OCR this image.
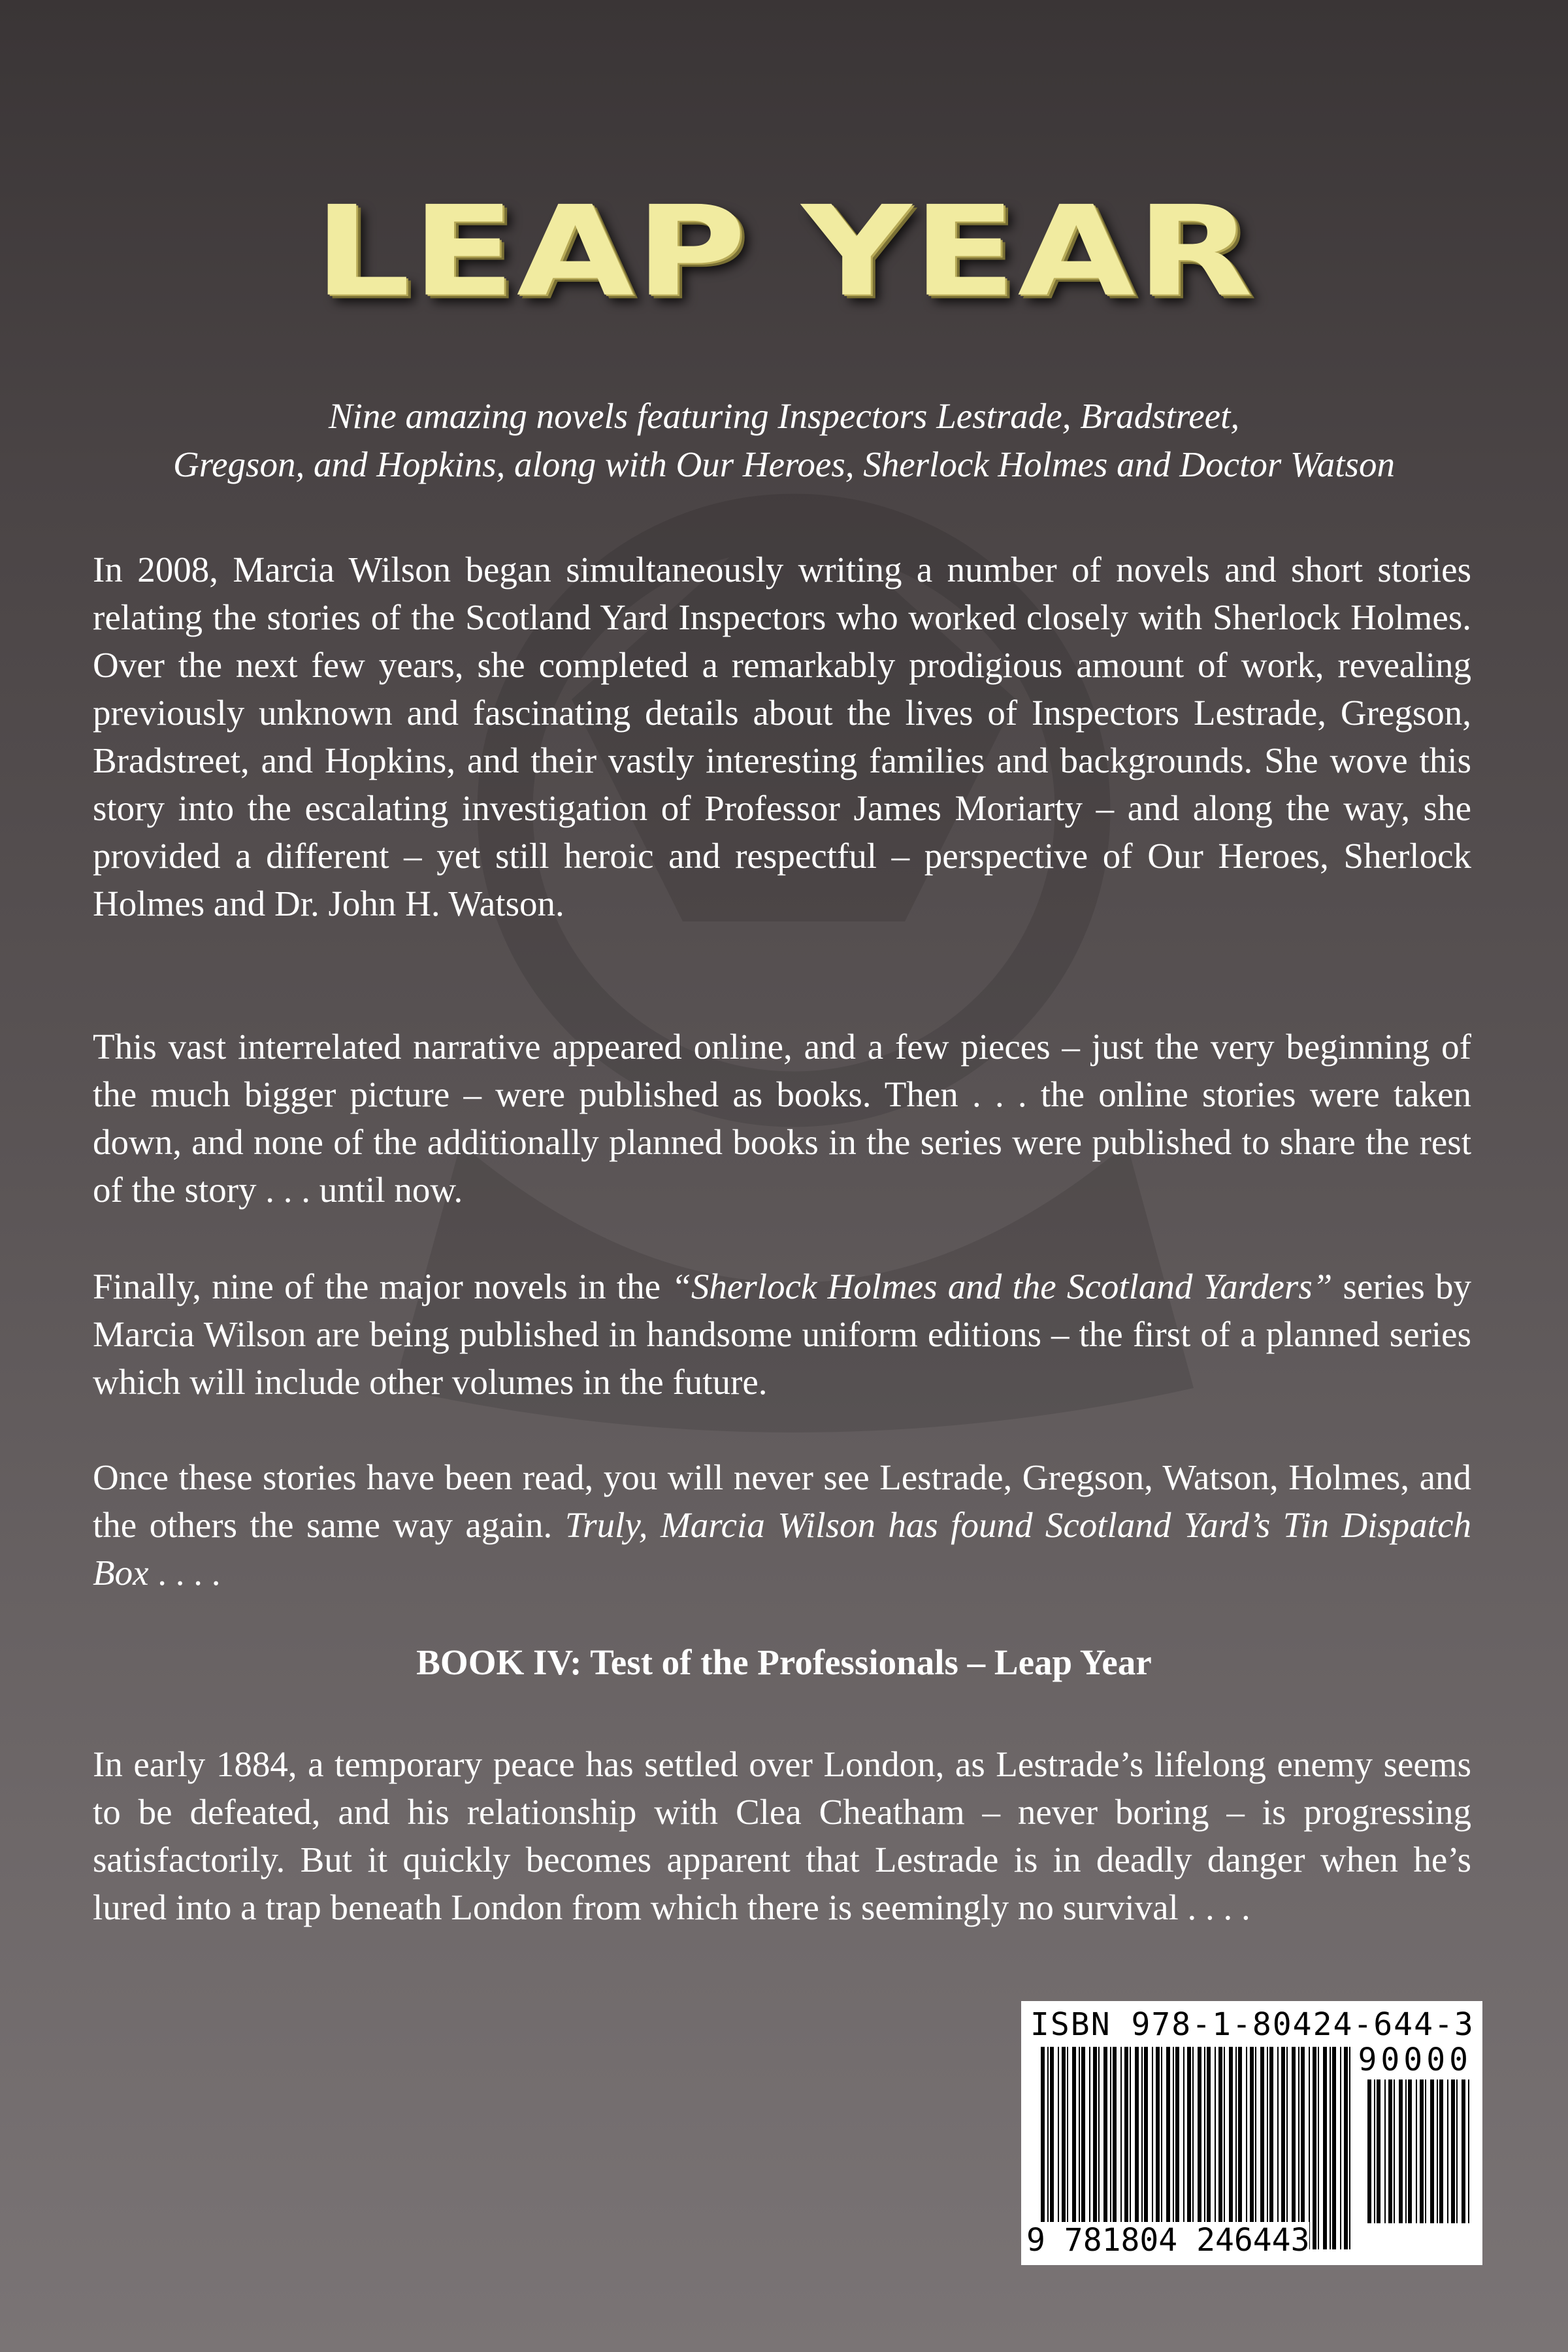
LEAP YEAR
Nine amazing novels featuring Inspectors Lestrade, Bradstreet,
Gregson, and Hopkins, along with Our Heroes, Sherlock Holmes and Doctor Watson
In 2008, Marcia Wilson began simultaneously writing a number of novels and short stories relating the stories of the Scotland Yard Inspectors who worked closely with Sherlock Holmes. Over the next few years, she completed a remarkably prodigious amount of work, revealing previously unknown and fascinating details about the lives of Inspectors Lestrade, Gregson, Bradstreet, and Hopkins, and their vastly interesting families and backgrounds. She wove this story into the escalating investigation of Professor James Moriarty – and along the way, she provided a different – yet still heroic and respectful – perspective of Our Heroes, Sherlock Holmes and Dr. John H. Watson.
This vast interrelated narrative appeared online, and a few pieces – just the very beginning of the much bigger picture – were published as books. Then . . . the online stories were taken down, and none of the additionally planned books in the series were published to share the rest of the story . . . until now.
Finally, nine of the major novels in the “Sherlock Holmes and the Scotland Yarders” series by Marcia Wilson are being published in handsome uniform editions – the first of a planned series which will include other volumes in the future.
Once these stories have been read, you will never see Lestrade, Gregson, Watson, Holmes, and the others the same way again. Truly, Marcia Wilson has found Scotland Yard’s Tin Dispatch Box . . . .
BOOK IV: Test of the Professionals – Leap Year
In early 1884, a temporary peace has settled over London, as Lestrade’s lifelong enemy seems to be defeated, and his relationship with Clea Cheatham – never boring – is progressing satisfactorily. But it quickly becomes apparent that Lestrade is in deadly danger when he’s lured into a trap beneath London from which there is seemingly no survival . . . .
ISBN 978-1-80424-644-3
90000
9 781804 246443
